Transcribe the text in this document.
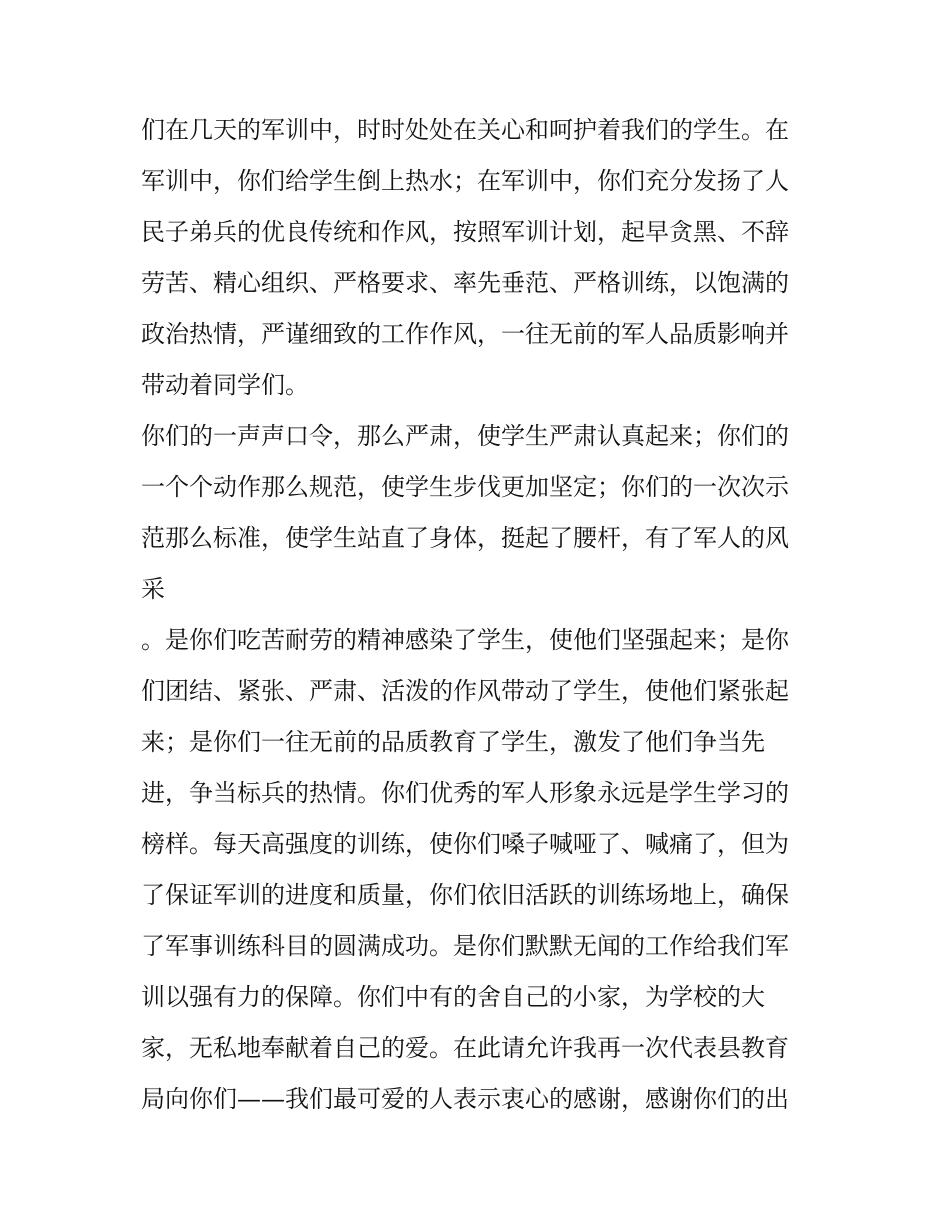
们在几天的军训中，时时处处在关心和呵护着我们的学生。在
军训中，你们给学生倒上热水；在军训中，你们充分发扬了人
民子弟兵的优良传统和作风，按照军训计划，起早贪黑、不辞
劳苦、精心组织、严格要求、率先垂范、严格训练，以饱满的
政治热情，严谨细致的工作作风，一往无前的军人品质影响并
带动着同学们。
你们的一声声口令，那么严肃，使学生严肃认真起来；你们的
一个个动作那么规范，使学生步伐更加坚定；你们的一次次示
范那么标准，使学生站直了身体，挺起了腰杆，有了军人的风
采
。是你们吃苦耐劳的精神感染了学生，使他们坚强起来；是你
们团结、紧张、严肃、活泼的作风带动了学生，使他们紧张起
来；是你们一往无前的品质教育了学生，激发了他们争当先
进，争当标兵的热情。你们优秀的军人形象永远是学生学习的
榜样。每天高强度的训练，使你们嗓子喊哑了、喊痛了，但为
了保证军训的进度和质量，你们依旧活跃的训练场地上，确保
了军事训练科目的圆满成功。是你们默默无闻的工作给我们军
训以强有力的保障。你们中有的舍自己的小家，为学校的大
家，无私地奉献着自己的爱。在此请允许我再一次代表县教育
局向你们——我们最可爱的人表示衷心的感谢，感谢你们的出
